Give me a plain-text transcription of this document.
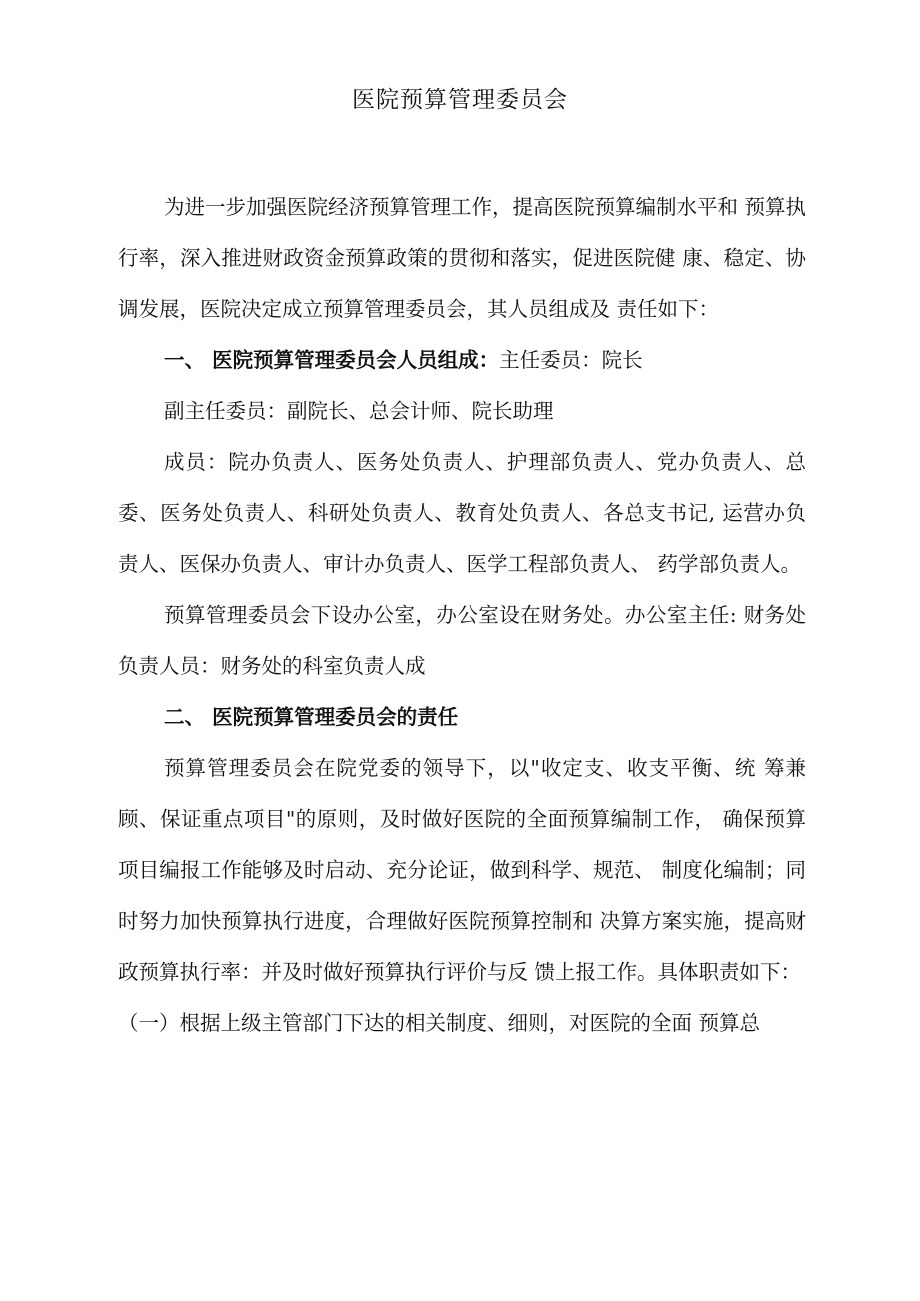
医院预算管理委员会

为进一步加强医院经济预算管理工作，提高医院预算编制水平和 预算执行率，深入推进财政资金预算政策的贯彻和落实，促进医院健 康、稳定、协调发展，医院决定成立预算管理委员会，其人员组成及 责任如下：

一、 医院预算管理委员会人员组成：主任委员：院长

副主任委员：副院长、总会计师、院长助理

成员：院办负责人、医务处负责人、护理部负责人、党办负责人、总委、医务处负责人、科研处负责人、教育处负责人、各总支书记, 运营办负责人、医保办负责人、审计办负责人、医学工程部负责人、 药学部负责人。

预算管理委员会下设办公室，办公室设在财务处。办公室主任: 财务处负责人员：财务处的科室负责人成

二、 医院预算管理委员会的责任

预算管理委员会在院党委的领导下，以"收定支、收支平衡、统 筹兼顾、保证重点项目"的原则，及时做好医院的全面预算编制工作， 确保预算项目编报工作能够及时启动、充分论证，做到科学、规范、 制度化编制；同时努力加快预算执行进度，合理做好医院预算控制和 决算方案实施，提高财政预算执行率：并及时做好预算执行评价与反 馈上报工作。具体职责如下：

（一）根据上级主管部门下达的相关制度、细则，对医院的全面 预算总
